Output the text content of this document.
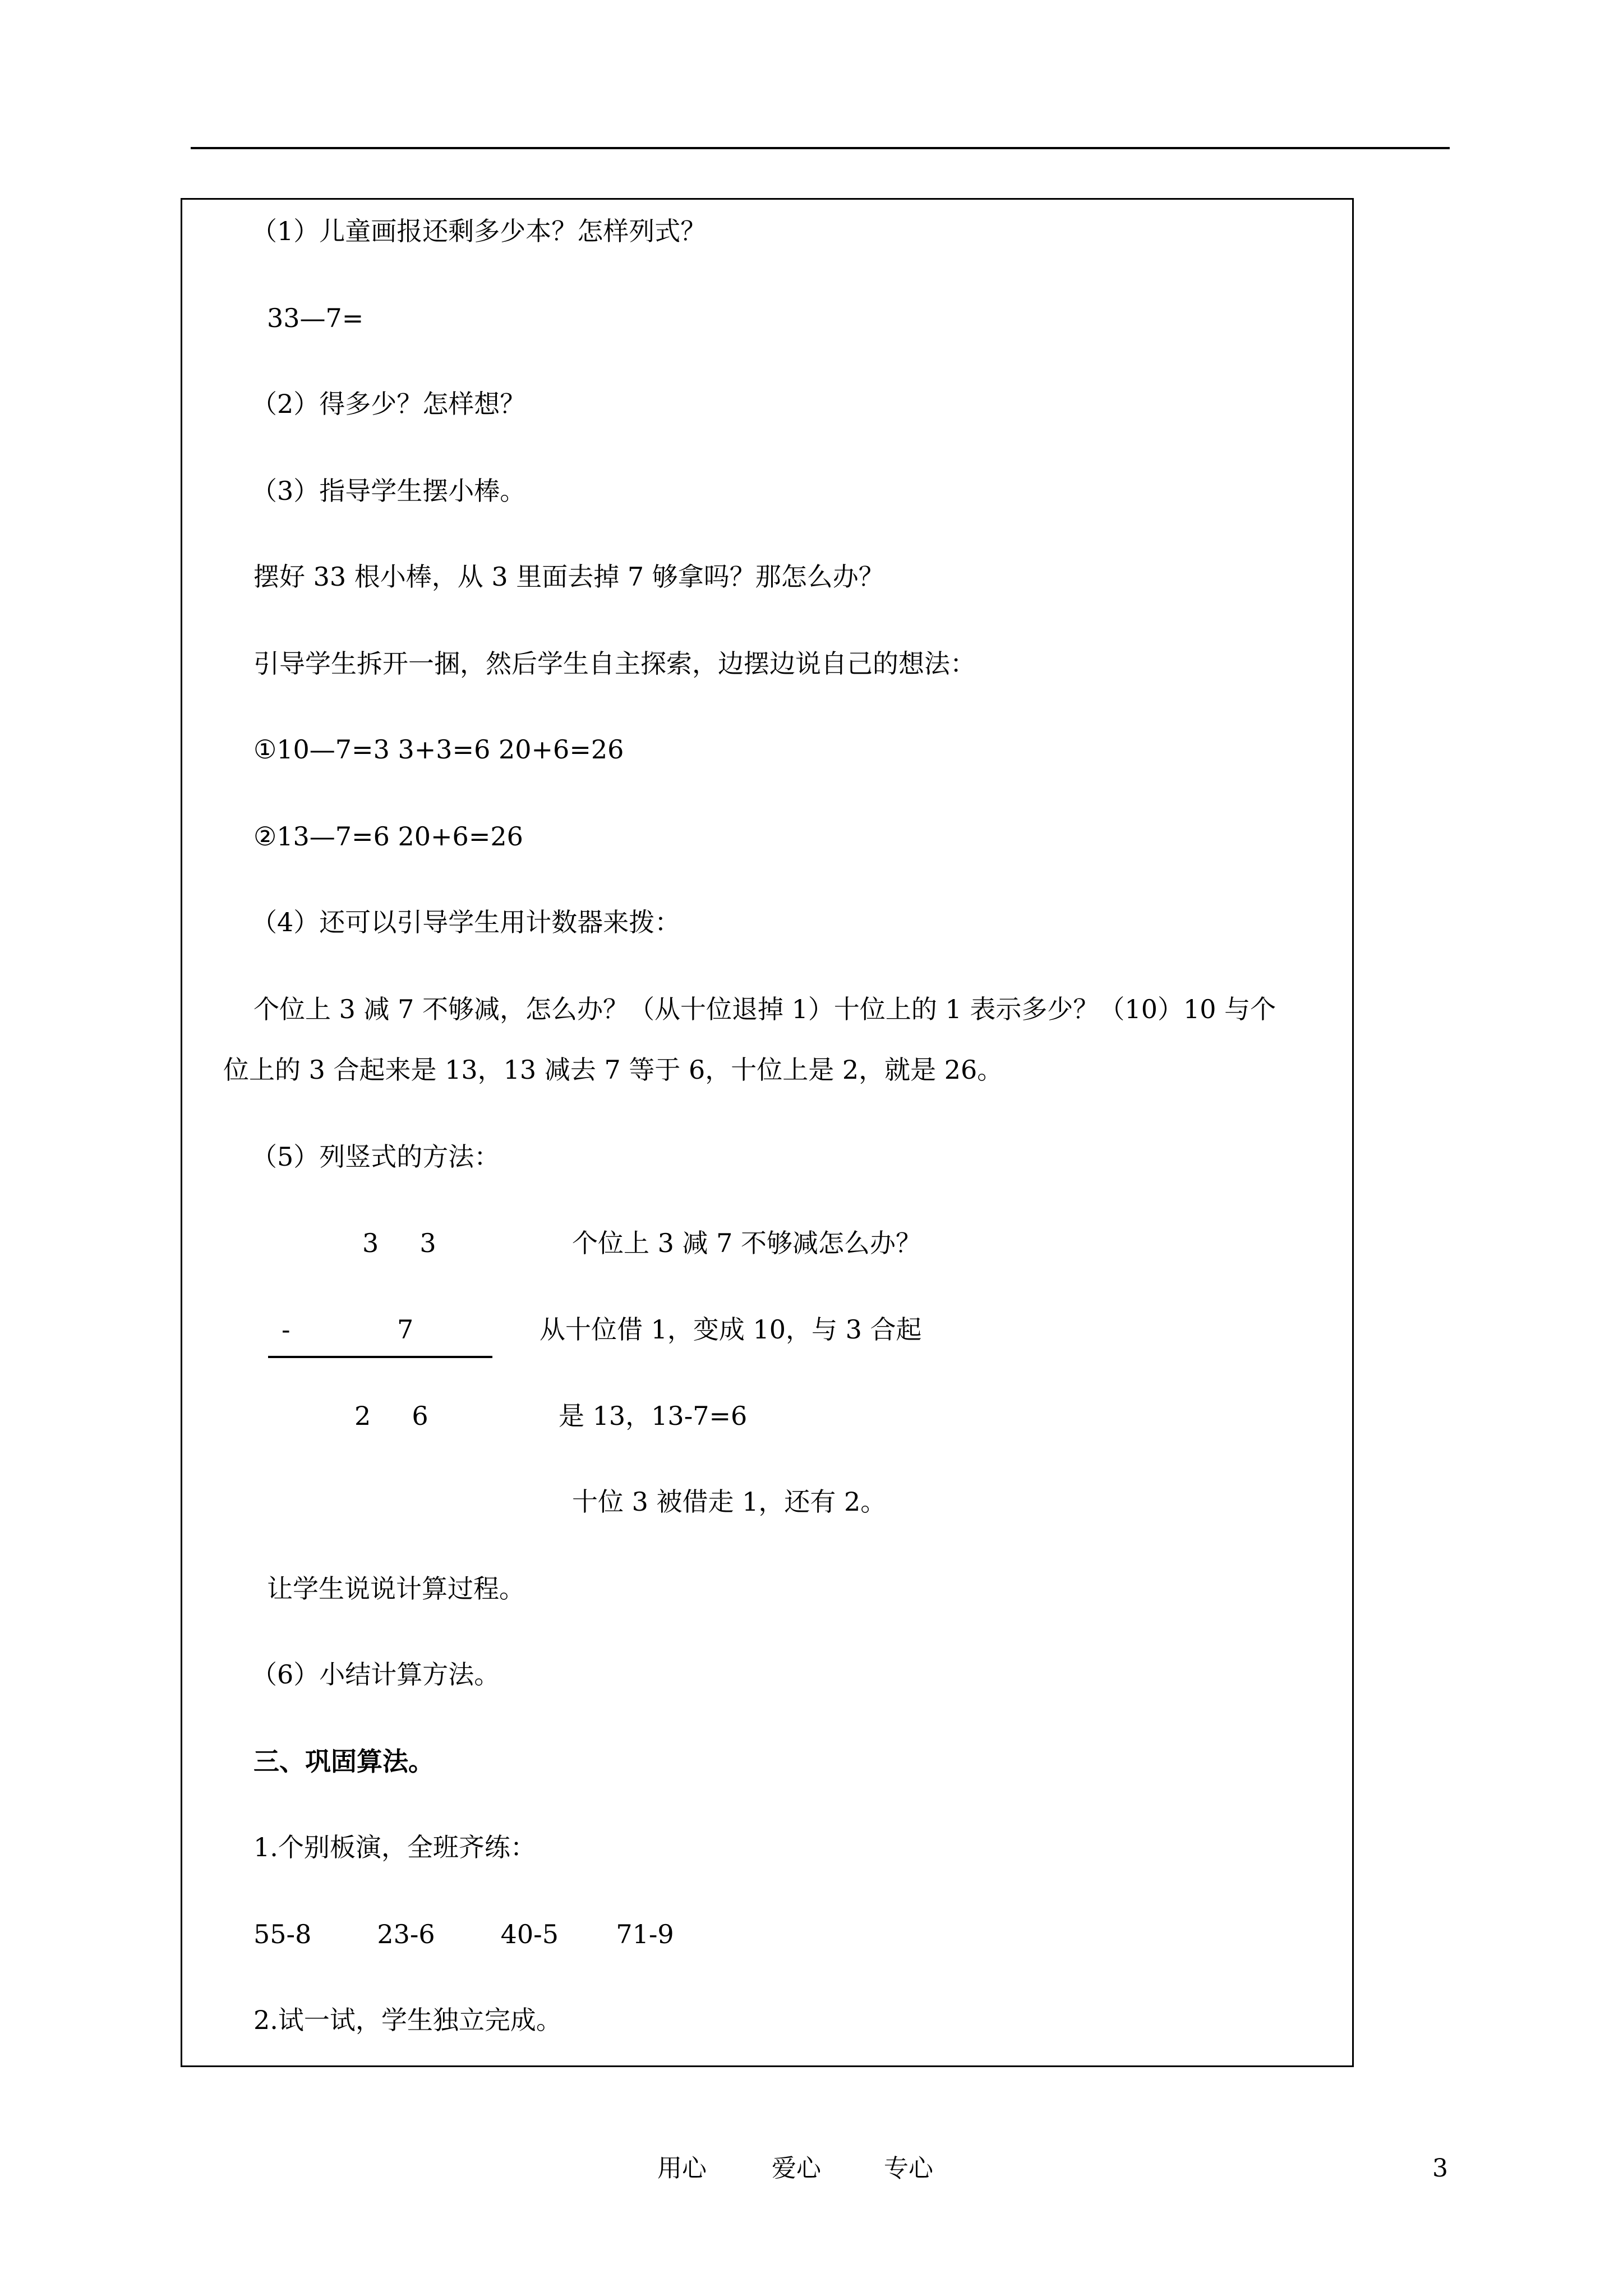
（1）儿童画报还剩多少本？怎样列式？
33—7=
（2）得多少？怎样想？
（3）指导学生摆小棒。
摆好 33 根小棒，从 3 里面去掉 7 够拿吗？那怎么办？
引导学生拆开一捆，然后学生自主探索，边摆边说自己的想法：
①10—7=3 3+3=6 20+6=26
②13—7=6 20+6=26
（4）还可以引导学生用计数器来拨：
个位上 3 减 7 不够减，怎么办？（从十位退掉 1）十位上的 1 表示多少？（10）10 与个
位上的 3 合起来是 13，13 减去 7 等于 6，十位上是 2，就是 26。
（5）列竖式的方法：
3     3	个位上 3 减 7 不够减怎么办？
-	7	从十位借 1，变成 10，与 3 合起
2     6	是 13，13-7=6
十位 3 被借走 1，还有 2。
让学生说说计算过程。
（6）小结计算方法。
三、巩固算法。
1.个别板演，全班齐练：
55-8        23-6        40-5       71-9
2.试一试，学生独立完成。
用心	爱心	专心	3
